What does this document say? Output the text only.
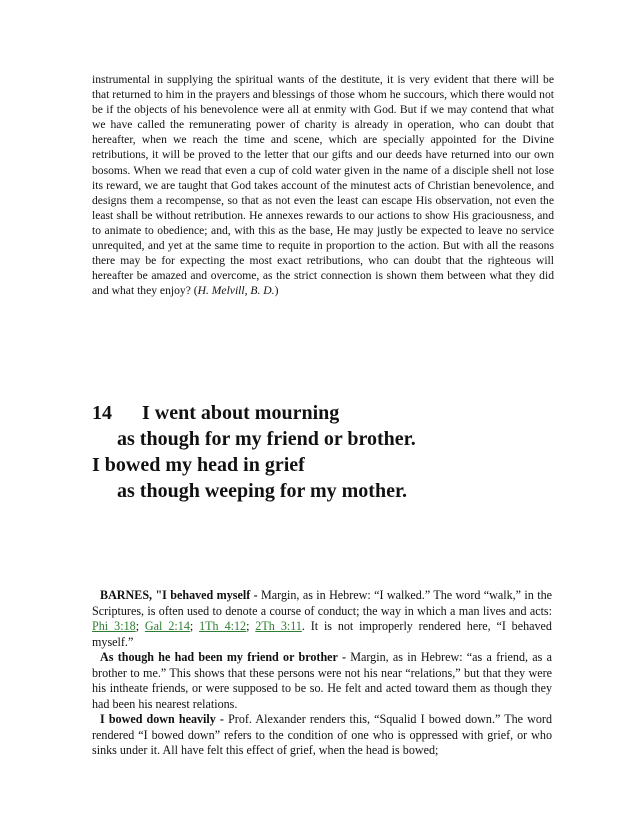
instrumental in supplying the spiritual wants of the destitute, it is very evident that there will be that returned to him in the prayers and blessings of those whom he succours, which there would not be if the objects of his benevolence were all at enmity with God. But if we may contend that what we have called the remunerating power of charity is already in operation, who can doubt that hereafter, when we reach the time and scene, which are specially appointed for the Divine retributions, it will be proved to the letter that our gifts and our deeds have returned into our own bosoms. When we read that even a cup of cold water given in the name of a disciple shell not lose its reward, we are taught that God takes account of the minutest acts of Christian benevolence, and designs them a recompense, so that as not even the least can escape His observation, not even the least shall be without retribution. He annexes rewards to our actions to show His graciousness, and to animate to obedience; and, with this as the base, He may justly be expected to leave no service unrequited, and yet at the same time to requite in proportion to the action. But with all the reasons there may be for expecting the most exact retributions, who can doubt that the righteous will hereafter be amazed and overcome, as the strict connection is shown them between what they did and what they enjoy? (H. Melvill, B. D.)

14 I went about mourning
as though for my friend or brother.
I bowed my head in grief
as though weeping for my mother.

BARNES, "I behaved myself - Margin, as in Hebrew: “I walked.” The word “walk,” in the Scriptures, is often used to denote a course of conduct; the way in which a man lives and acts: Phi_3:18; Gal_2:14; 1Th_4:12; 2Th_3:11. It is not improperly rendered here, “I behaved myself.”

As though he had been my friend or brother - Margin, as in Hebrew: “as a friend, as a brother to me.” This shows that these persons were not his near “relations,” but that they were his intheate friends, or were supposed to be so. He felt and acted toward them as though they had been his nearest relations.

I bowed down heavily - Prof. Alexander renders this, “Squalid I bowed down.” The word rendered “I bowed down” refers to the condition of one who is oppressed with grief, or who sinks under it. All have felt this effect of grief, when the head is bowed;
